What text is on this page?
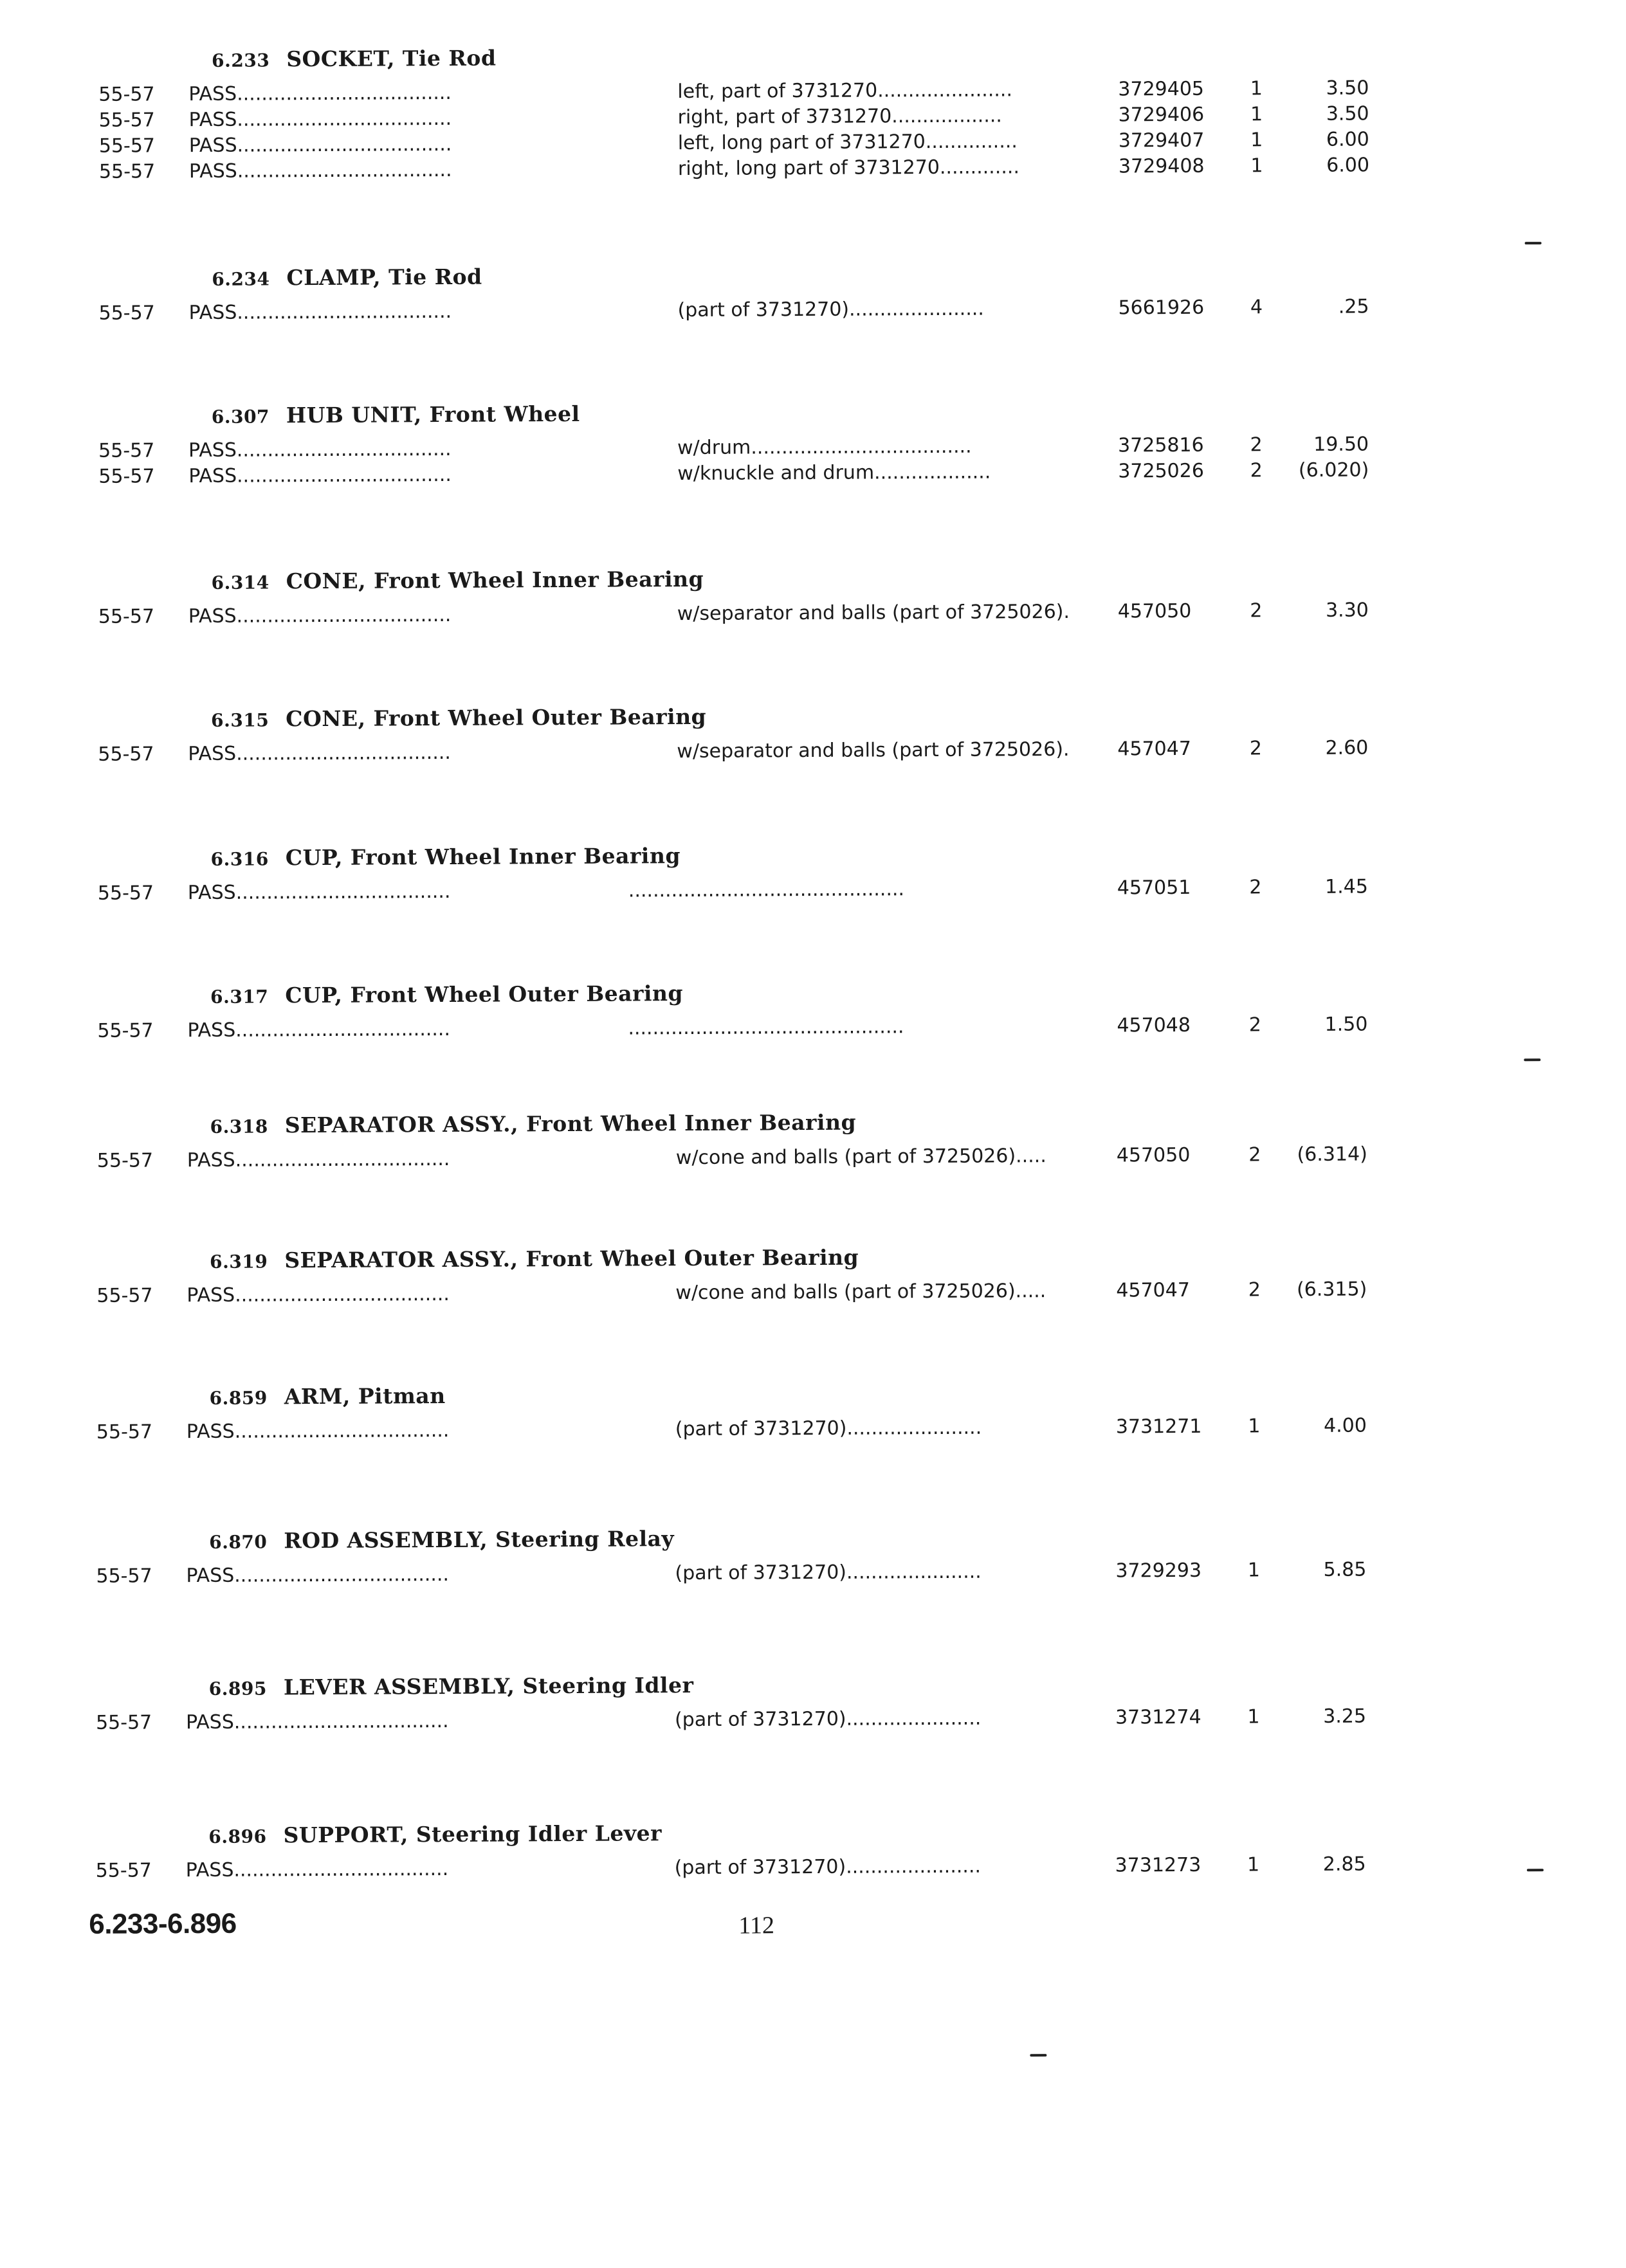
6.233 SOCKET, Tie Rod
55-57	PASS...................................	left, part of 3731270......................	3729405	1	3.50
55-57	PASS...................................	right, part of 3731270..................	3729406	1	3.50
55-57	PASS...................................	left, long part of 3731270...............	3729407	1	6.00
55-57	PASS...................................	right, long part of 3731270.............	3729408	1	6.00
6.234 CLAMP, Tie Rod
55-57	PASS...................................	(part of 3731270)......................	5661926	4	.25
6.307 HUB UNIT, Front Wheel
55-57	PASS...................................	w/drum....................................	3725816	2	19.50
55-57	PASS...................................	w/knuckle and drum...................	3725026	2	(6.020)
6.314 CONE, Front Wheel Inner Bearing
55-57	PASS...................................	w/separator and balls (part of 3725026).	457050	2	3.30
6.315 CONE, Front Wheel Outer Bearing
55-57	PASS...................................	w/separator and balls (part of 3725026).	457047	2	2.60
6.316 CUP, Front Wheel Inner Bearing
55-57	PASS...................................	.............................................	457051	2	1.45
6.317 CUP, Front Wheel Outer Bearing
55-57	PASS...................................	.............................................	457048	2	1.50
6.318 SEPARATOR ASSY., Front Wheel Inner Bearing
55-57	PASS...................................	w/cone and balls (part of 3725026).....	457050	2	(6.314)
6.319 SEPARATOR ASSY., Front Wheel Outer Bearing
55-57	PASS...................................	w/cone and balls (part of 3725026).....	457047	2	(6.315)
6.859 ARM, Pitman
55-57	PASS...................................	(part of 3731270)......................	3731271	1	4.00
6.870 ROD ASSEMBLY, Steering Relay
55-57	PASS...................................	(part of 3731270)......................	3729293	1	5.85
6.895 LEVER ASSEMBLY, Steering Idler
55-57	PASS...................................	(part of 3731270)......................	3731274	1	3.25
6.896 SUPPORT, Steering Idler Lever
55-57	PASS...................................	(part of 3731270)......................	3731273	1	2.85
6.233-6.896	112
